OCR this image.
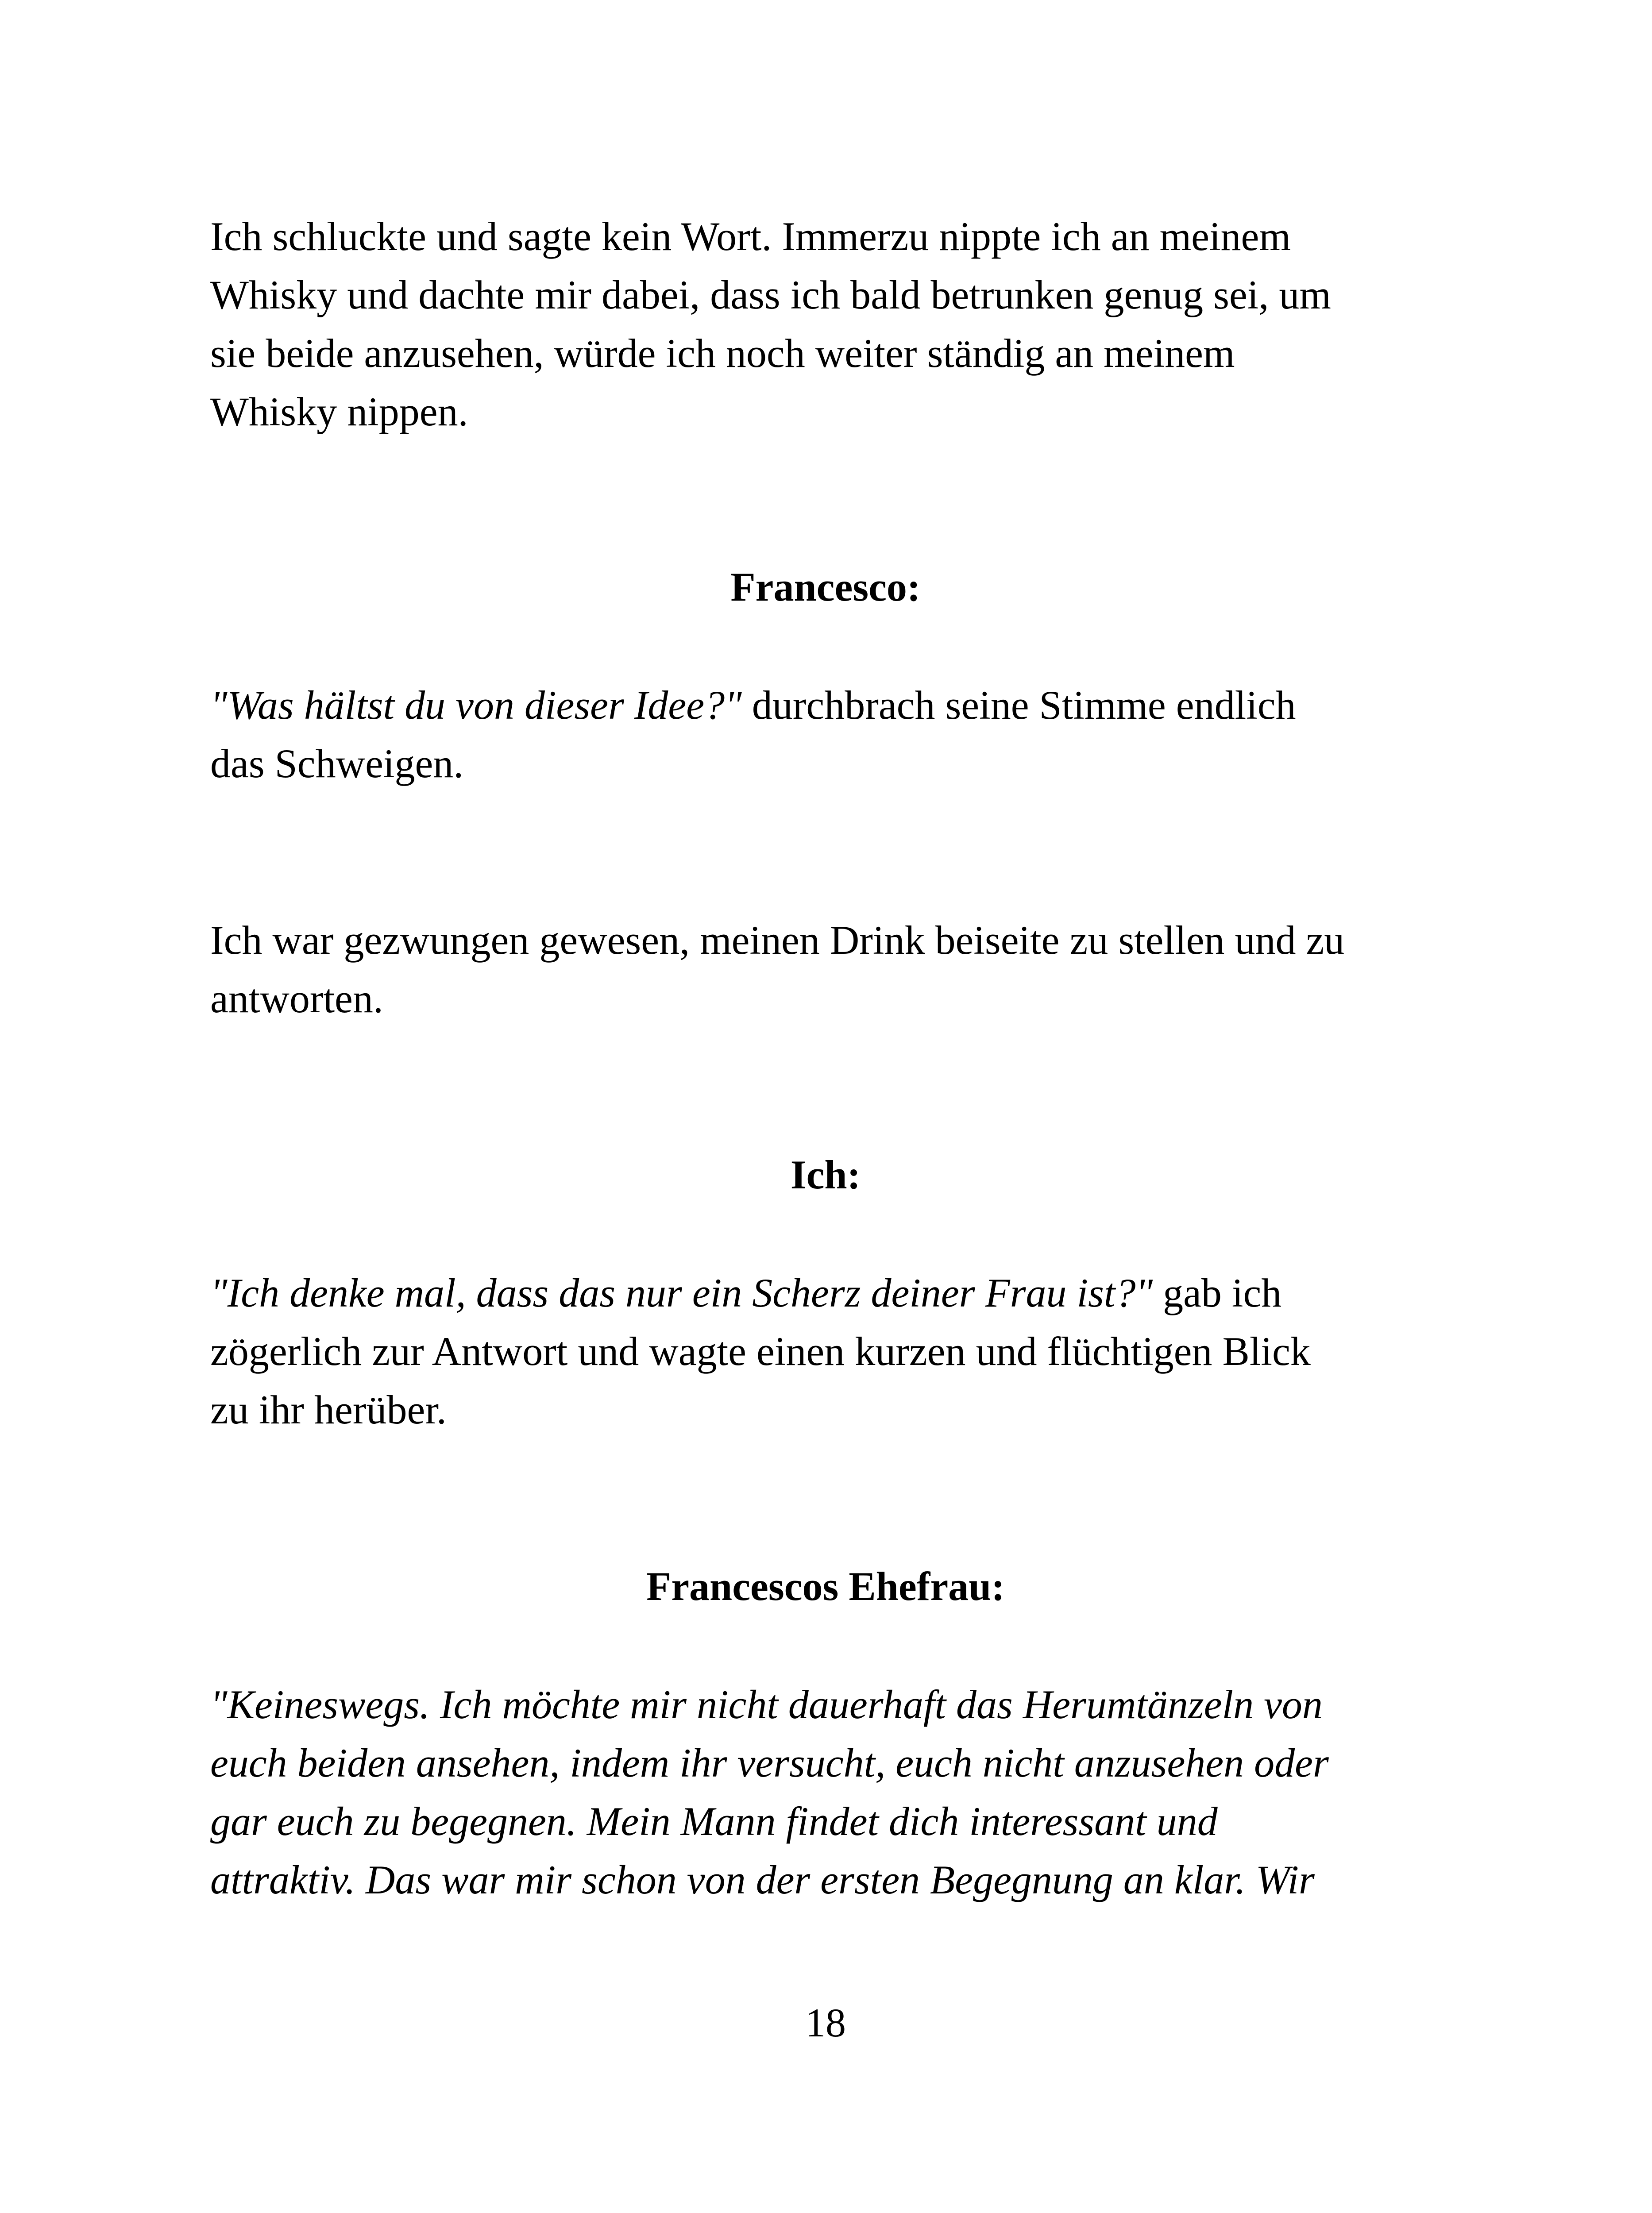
Ich schluckte und sagte kein Wort. Immerzu nippte ich an meinem
Whisky und dachte mir dabei, dass ich bald betrunken genug sei, um
sie beide anzusehen, würde ich noch weiter ständig an meinem
Whisky nippen.

Francesco:

"Was hältst du von dieser Idee?" durchbrach seine Stimme endlich
das Schweigen.

Ich war gezwungen gewesen, meinen Drink beiseite zu stellen und zu
antworten.

Ich:

"Ich denke mal, dass das nur ein Scherz deiner Frau ist?" gab ich
zögerlich zur Antwort und wagte einen kurzen und flüchtigen Blick
zu ihr herüber.

Francescos Ehefrau:

"Keineswegs. Ich möchte mir nicht dauerhaft das Herumtänzeln von
euch beiden ansehen, indem ihr versucht, euch nicht anzusehen oder
gar euch zu begegnen. Mein Mann findet dich interessant und
attraktiv. Das war mir schon von der ersten Begegnung an klar. Wir

18
